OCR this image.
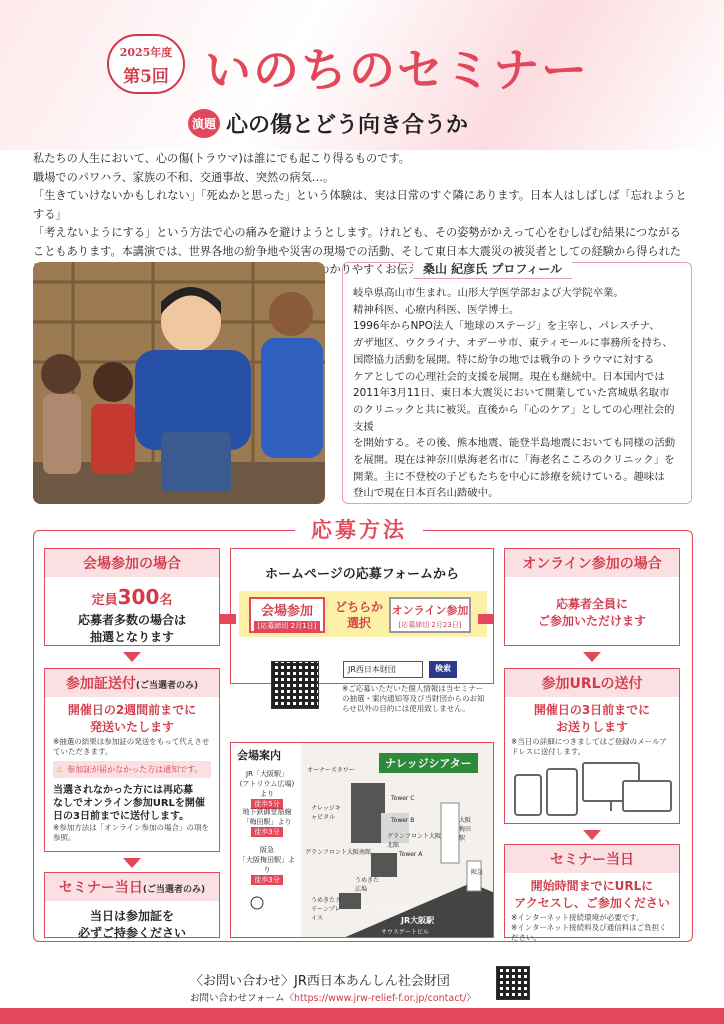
2025年度
第5回 いのちのセミナー
演題 心の傷とどう向き合うか
私たちの人生において、心の傷(トラウマ)は誰にでも起こり得るものです。
職場でのパワハラ、家族の不和、交通事故、突然の病気…。
「生きていけないかもしれない」「死ぬかと思った」という体験は、実は日常のすぐ隣にあります。日本人はしばしば「忘れようとする」
「考えないようにする」という方法で心の痛みを避けようとします。けれども、その姿勢がかえって心をむしばむ結果につながる
こともあります。本講演では、世界各地の紛争地や災害の現場での活動、そして東日本大震災の被災者としての経験から得られた
桑山 紀彦氏 プロフィール
岐阜県高山市生まれ。山形大学医学部および大学院卒業。
精神科医、心療内科医、医学博士。
1996年からNPO法人「地球のステージ」を主宰し、パレスチナ、
ガザ地区、ウクライナ、オデーサ市、東ティモールに事務所を持ち、
国際協力活動を展開。特に紛争の地では戦争のトラウマに対する
ケアとしての心理社会的支援を展開。現在も継続中。日本国内では
2011年3月11日、東日本大震災において開業していた宮城県名取市
のクリニックと共に被災。直後から「心のケア」としての心理社会的支援
を開始する。その後、熊本地震、能登半島地震においても同様の活動
を展開。現在は神奈川県海老名市に「海老名こころのクリニック」を
開業。主に不登校の子どもたちを中心に診療を続けている。趣味は
登山で現在日本百名山踏破中。
応募方法
会場参加の場合
定員300名
応募者多数の場合は
抽選となります
参加証送付(ご当選者のみ)
開催日の2週間前までに
発送いたします
※抽選の結果は参加証の発送をもって代えさせていただきます。
⚠ 参加証が届かなかった方は通知です。
当選されなかった方には再応募
なしでオンライン参加URLを開催
日の3日前までに送付します。
※参加方法は「オンライン参加の場合」の項を参照。
セミナー当日(ご当選者のみ)
当日は参加証を
必ずご持参ください
ホームページの応募フォームから
会場参加
[応募締切 2月1日]
どちらか選択
オンライン参加
[応募締切 2月23日]
JR西日本財団	検索
※ご応募いただいた個人情報は当セミナーの抽選・案内通知等及び当財団からのお知らせ以外の目的には使用致しません。
オンライン参加の場合
応募者全員に
ご参加いただけます
参加URLの送付
開催日の3日前までに
お送りします
※当日の詳細につきましてはご登録のメールアドレスに送付します。
セミナー当日
開始時間までにURLに
アクセスし、ご参加ください
※インターネット接続環境が必要です。
※インターネット接続料及び通信料はご負担ください。
会場案内
ナレッジシアター
JR「大阪駅」
(アトリウム広場)より
徒歩5分
地下鉄御堂筋線
「梅田駅」より
徒歩3分
阪急
「大阪梅田駅」より
徒歩3分
オーナーズタワー
ナレッジキャピタル
グランフロント大阪北館
グランフロント大阪南館
うめきた広場
JR大阪駅
サウスゲートビル
ノースゲートビル
Tower C
Tower B
Tower A
阪急
大阪梅田駅
うめきたグリーンプレイス
〈お問い合わせ〉JR西日本あんしん社会財団
お問い合わせフォーム〈https://www.jrw-relief-f.or.jp/contact/〉
